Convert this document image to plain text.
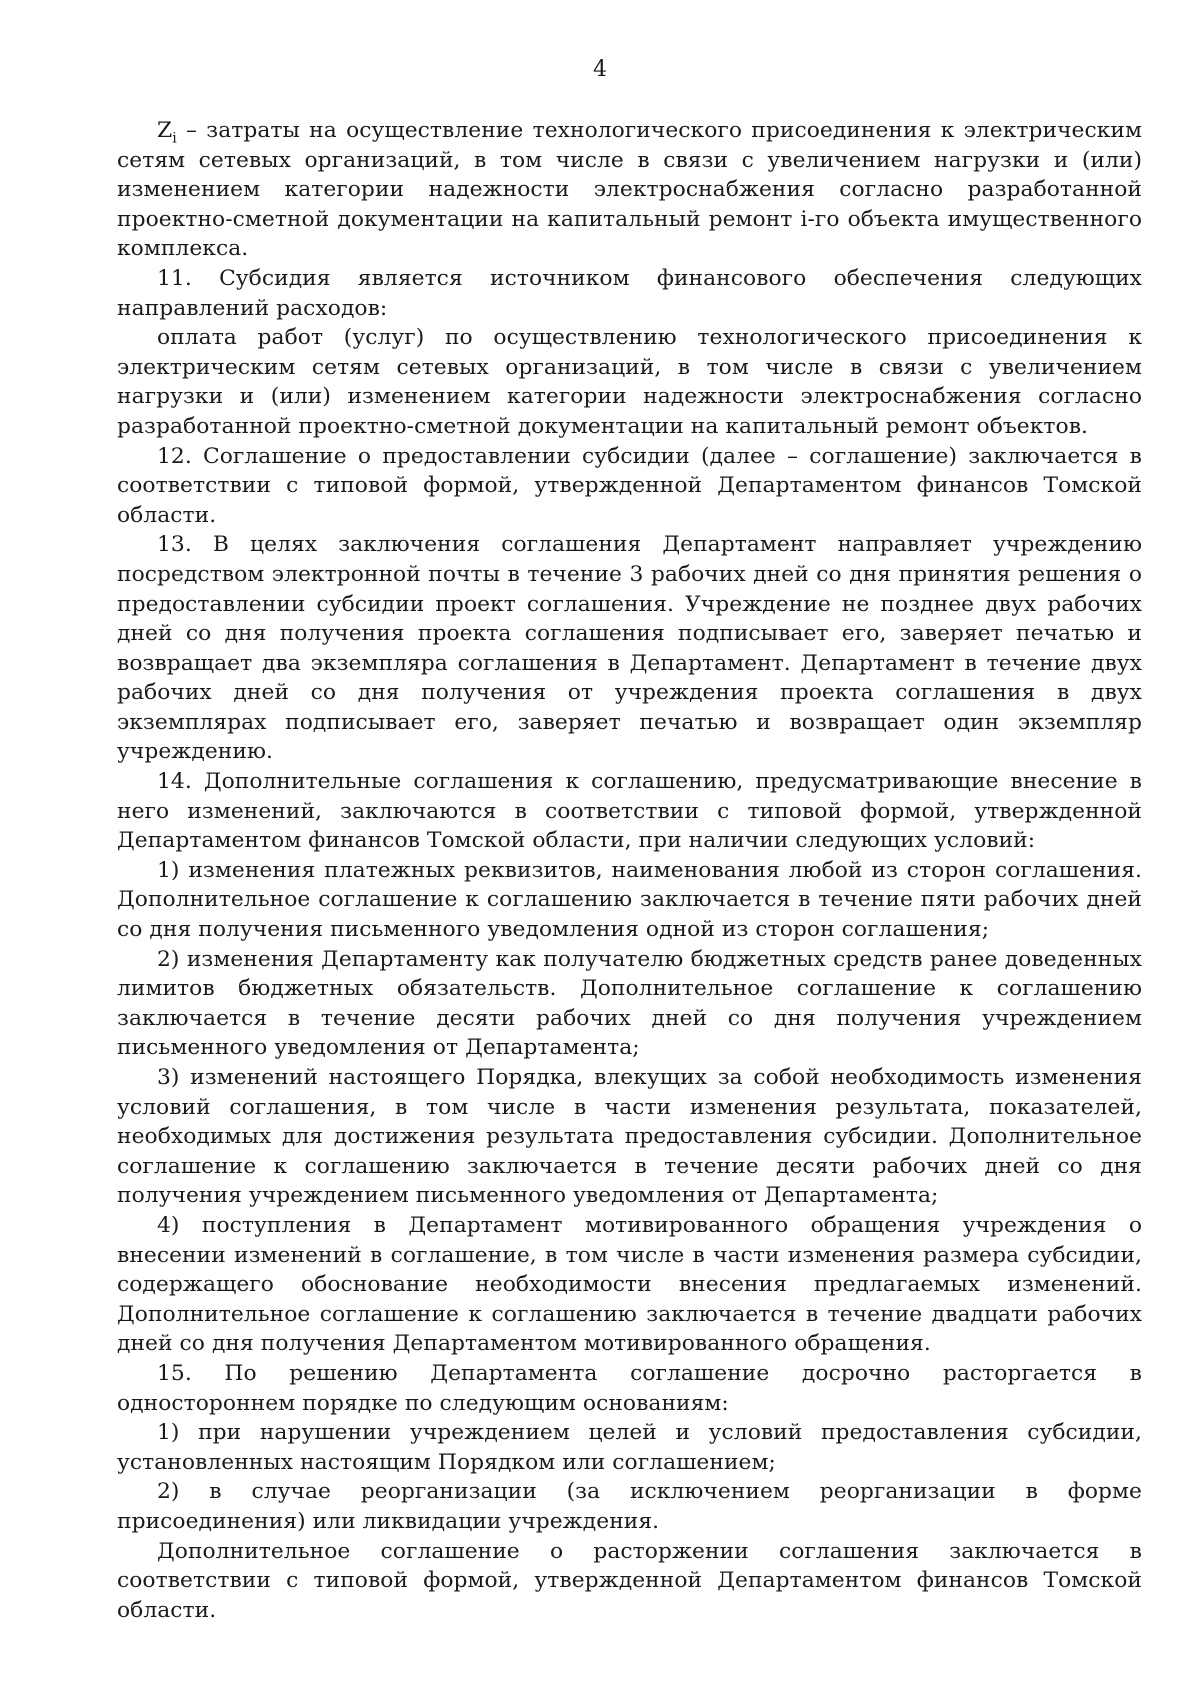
4

$Z_i$ – затраты на осуществление технологического присоединения к электрическим сетям сетевых организаций, в том числе в связи с увеличением нагрузки и (или) изменением категории надежности электроснабжения согласно разработанной проектно-сметной документации на капитальный ремонт i-го объекта имущественного комплекса.

11. Субсидия является источником финансового обеспечения следующих направлений расходов:

оплата работ (услуг) по осуществлению технологического присоединения к электрическим сетям сетевых организаций, в том числе в связи с увеличением нагрузки и (или) изменением категории надежности электроснабжения согласно разработанной проектно-сметной документации на капитальный ремонт объектов.

12. Соглашение о предоставлении субсидии (далее – соглашение) заключается в соответствии с типовой формой, утвержденной Департаментом финансов Томской области.

13. В целях заключения соглашения Департамент направляет учреждению посредством электронной почты в течение 3 рабочих дней со дня принятия решения о предоставлении субсидии проект соглашения. Учреждение не позднее двух рабочих дней со дня получения проекта соглашения подписывает его, заверяет печатью и возвращает два экземпляра соглашения в Департамент. Департамент в течение двух рабочих дней со дня получения от учреждения проекта соглашения в двух экземплярах подписывает его, заверяет печатью и возвращает один экземпляр учреждению.

14. Дополнительные соглашения к соглашению, предусматривающие внесение в него изменений, заключаются в соответствии с типовой формой, утвержденной Департаментом финансов Томской области, при наличии следующих условий:

1) изменения платежных реквизитов, наименования любой из сторон соглашения. Дополнительное соглашение к соглашению заключается в течение пяти рабочих дней со дня получения письменного уведомления одной из сторон соглашения;

2) изменения Департаменту как получателю бюджетных средств ранее доведенных лимитов бюджетных обязательств. Дополнительное соглашение к соглашению заключается в течение десяти рабочих дней со дня получения учреждением письменного уведомления от Департамента;

3) изменений настоящего Порядка, влекущих за собой необходимость изменения условий соглашения, в том числе в части изменения результата, показателей, необходимых для достижения результата предоставления субсидии. Дополнительное соглашение к соглашению заключается в течение десяти рабочих дней со дня получения учреждением письменного уведомления от Департамента;

4) поступления в Департамент мотивированного обращения учреждения о внесении изменений в соглашение, в том числе в части изменения размера субсидии, содержащего обоснование необходимости внесения предлагаемых изменений. Дополнительное соглашение к соглашению заключается в течение двадцати рабочих дней со дня получения Департаментом мотивированного обращения.

15. По решению Департамента соглашение досрочно расторгается в одностороннем порядке по следующим основаниям:

1) при нарушении учреждением целей и условий предоставления субсидии, установленных настоящим Порядком или соглашением;

2) в случае реорганизации (за исключением реорганизации в форме присоединения) или ликвидации учреждения.

Дополнительное соглашение о расторжении соглашения заключается в соответствии с типовой формой, утвержденной Департаментом финансов Томской области.
